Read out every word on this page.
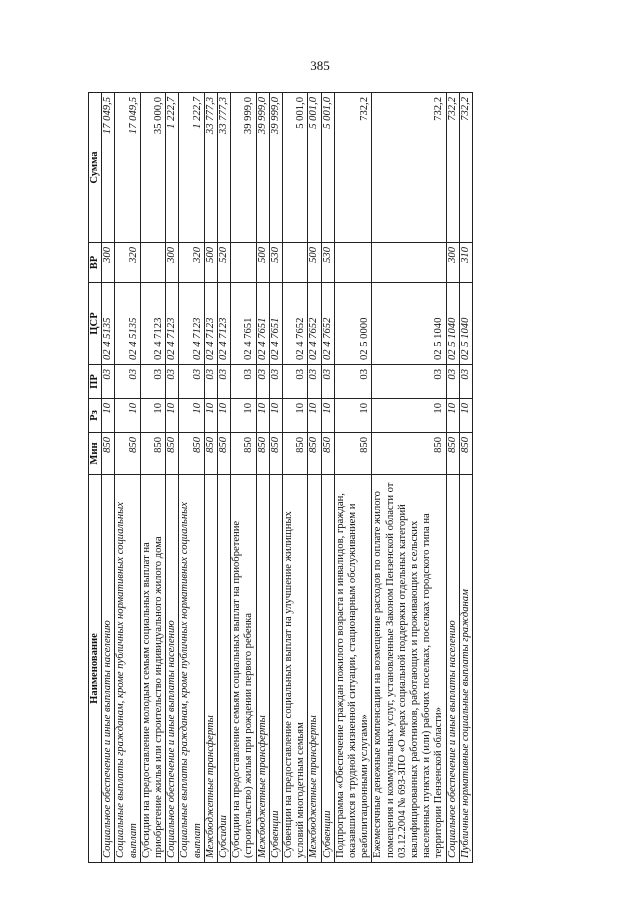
385
Наименование	Мин	Рз	ПР	ЦСР	ВР	Сумма
Социальное обеспечение и иные выплаты населению	850	10	03	02 4 5135	300	17 049,5
Социальные выплаты гражданам, кроме публичных нормативных социальных выплат	850	10	03	02 4 5135	320	17 049,5
Субсидии на предоставление молодым семьям социальных выплат на приобретение жилья или строительство индивидуального жилого дома	850	10	03	02 4 7123		35 000,0
Социальное обеспечение и иные выплаты населению	850	10	03	02 4 7123	300	1 222,7
Социальные выплаты гражданам, кроме публичных нормативных социальных выплат	850	10	03	02 4 7123	320	1 222,7
Межбюджетные трансферты	850	10	03	02 4 7123	500	33 777,3
Субсидии	850	10	03	02 4 7123	520	33 777,3
Субсидии на предоставление семьям социальных выплат на приобретение (строительство) жилья при рождении первого ребенка	850	10	03	02 4 7651		39 999,0
Межбюджетные трансферты	850	10	03	02 4 7651	500	39 999,0
Субвенции	850	10	03	02 4 7651	530	39 999,0
Субвенции на предоставление социальных выплат на улучшение жилищных условий многодетным семьям	850	10	03	02 4 7652		5 001,0
Межбюджетные трансферты	850	10	03	02 4 7652	500	5 001,0
Субвенции	850	10	03	02 4 7652	530	5 001,0
Подпрограмма «Обеспечение граждан пожилого возраста и инвалидов, граждан, оказавшихся в трудной жизненной ситуации, стационарным обслуживанием и реабилитационными услугами»	850	10	03	02 5 0000		732,2
Ежемесячные денежные компенсации на возмещение расходов по оплате жилого помещения и коммунальных услуг, установленные Законом Пензенской области от 03.12.2004 № 693-ЗПО «О мерах социальной поддержки отдельных категорий квалифицированных работников, работающих и проживающих в сельских населенных пунктах и (или) рабочих поселках, поселках городского типа на территории Пензенской области»	850	10	03	02 5 1040		732,2
Социальное обеспечение и иные выплаты населению	850	10	03	02 5 1040	300	732,2
Публичные нормативные социальные выплаты гражданам	850	10	03	02 5 1040	310	732,2
